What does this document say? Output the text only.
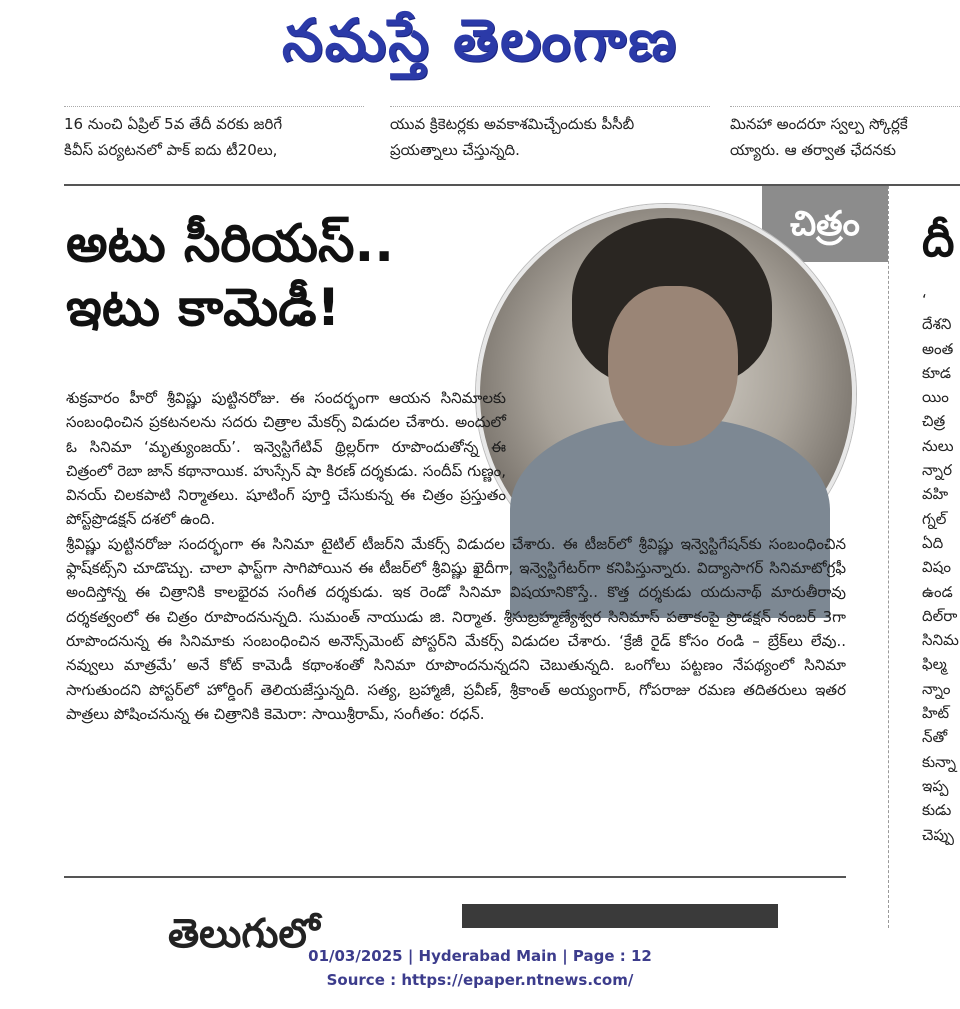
నమస్తే తెలంగాణ
16 నుంచి ఏప్రిల్ 5వ తేదీ వరకు జరిగే
కివీస్ పర్యటనలో పాక్ ఐదు టీ20లు,
యువ క్రికెటర్లకు అవకాశమిచ్చేందుకు పీసీబీ
ప్రయత్నాలు చేస్తున్నది.
మినహా అందరూ స్వల్ప స్కోర్లకే
య్యారు. ఆ తర్వాత ఛేదనకు
చిత్రం
అటు సీరియస్..
ఇటు కామెడీ!

శుక్రవారం హీరో శ్రీవిష్ణు పుట్టినరోజు. ఈ సందర్భంగా ఆయన సినిమాలకు సంబంధించిన ప్రకటనలను సదరు చిత్రాల మేకర్స్ విడుదల చేశారు. అందులో ఓ సినిమా ‘మృత్యుంజయ్’. ఇన్వెస్టిగేటివ్ థ్రిల్లర్‌గా రూపొందుతోన్న ఈ చిత్రంలో రెబా జాన్ కథానాయిక. హుస్సేన్ షా కిరణ్ దర్శకుడు. సందీప్ గుణ్ణం, వినయ్ చిలకపాటి నిర్మాతలు. షూటింగ్ పూర్తి చేసుకున్న ఈ చిత్రం ప్రస్తుతం పోస్ట్‌ప్రొడక్షన్ దశలో ఉంది.

శ్రీవిష్ణు పుట్టినరోజు సందర్భంగా ఈ సినిమా టైటిల్ టీజర్‌ని మేకర్స్ విడుదల చేశారు. ఈ టీజర్‌లో శ్రీవిష్ణు ఇన్వెస్టిగేషన్‌కు సంబంధించిన ఫ్లాష్‌కట్స్‌ని చూడొచ్చు. చాలా ఫాస్ట్‌గా సాగిపోయిన ఈ టీజర్‌లో శ్రీవిష్ణు ఖైదీగా, ఇన్వెస్టిగేటర్‌గా కనిపిస్తున్నారు. విద్యాసాగర్ సినిమాటోగ్రఫీ అందిస్తోన్న ఈ చిత్రానికి కాలభైరవ సంగీత దర్శకుడు. ఇక రెండో సినిమా విషయానికొస్తే.. కొత్త దర్శకుడు యదునాథ్ మారుతీరావు దర్శకత్వంలో ఈ చిత్రం రూపొందనున్నది. సుమంత్ నాయుడు జి. నిర్మాత. శ్రీసుబ్రహ్మణ్యేశ్వర సినిమాస్ పతాకంపై ప్రొడక్షన్ నంబర్ 3గా రూపొందనున్న ఈ సినిమాకు సంబంధించిన అనౌన్స్‌మెంట్ పోస్టర్‌ని మేకర్స్ విడుదల చేశారు. ‘క్రేజీ రైడ్ కోసం రండి – బ్రేక్‌లు లేవు.. నవ్వులు మాత్రమే’ అనే కోట్ కామెడీ కథాంశంతో సినిమా రూపొందనున్నదని చెబుతున్నది. ఒంగోలు పట్టణం నేపథ్యంలో సినిమా సాగుతుందని పోస్టర్‌లో హోర్డింగ్ తెలియజేస్తున్నది. సత్య, బ్రహ్మాజీ, ప్రవీణ్, శ్రీకాంత్ అయ్యంగార్, గోపరాజు రమణ తదితరులు ఇతర పాత్రలు పోషించనున్న ఈ చిత్రానికి కెమెరా: సాయిశ్రీరామ్, సంగీతం: రధన్.

తెలుగులో
దీ
‘
దేశని
అంత
కూడ
యిం
చిత్ర
నులు
న్నార
వహి
గ్నల్
ఏది
విషం
ఉండ
దిల్‌రా
సినిమ
ఫిల్మ
న్నాం
హిట్
న్‌తో
కున్నా
ఇప్ప
కుడు
చెప్పు
01/03/2025 | Hyderabad Main | Page : 12
Source : https://epaper.ntnews.com/
